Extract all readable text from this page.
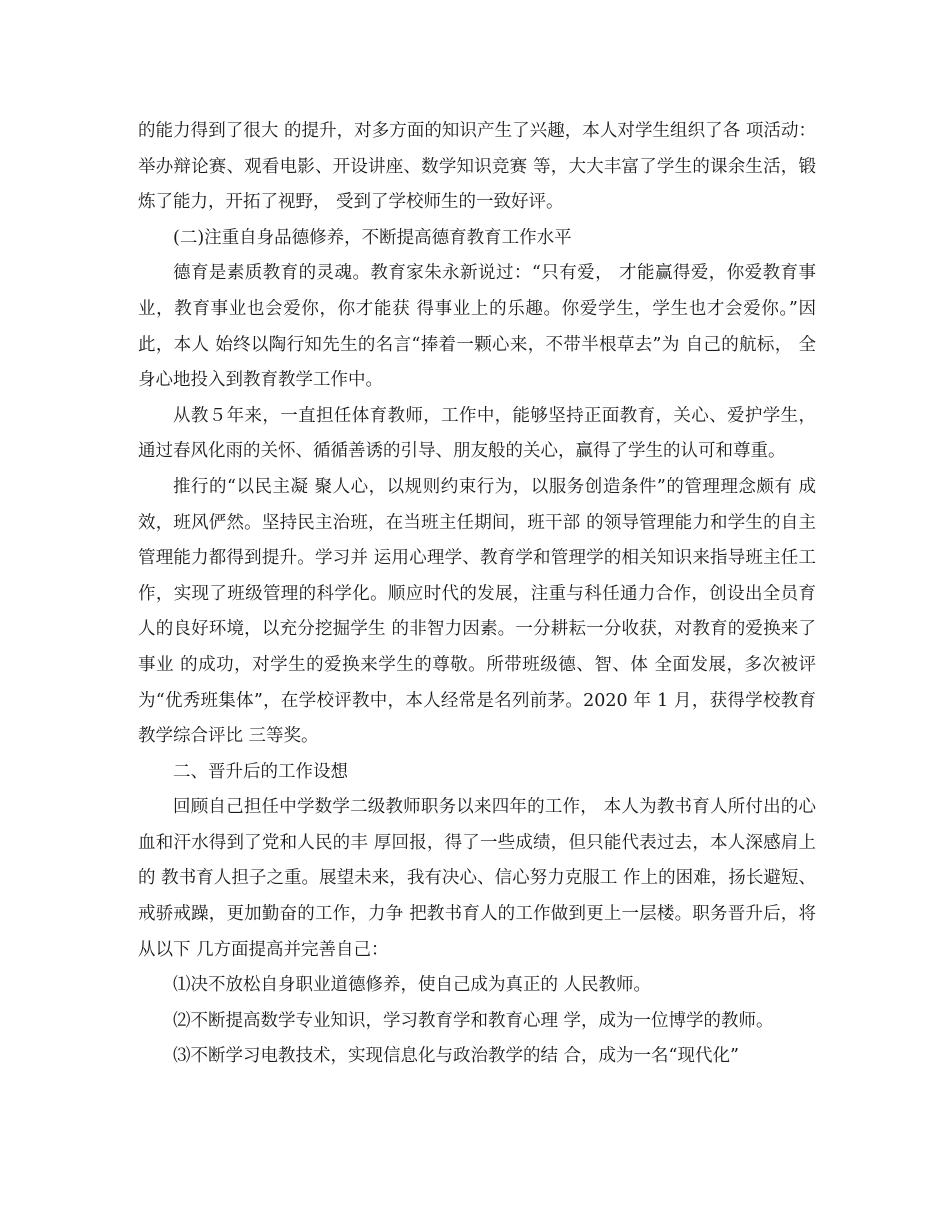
的能力得到了很大 的提升，对多方面的知识产生了兴趣，本人对学生组织了各 项活动：举办辩论赛、观看电影、开设讲座、数学知识竞赛 等，大大丰富了学生的课余生活，锻炼了能力，开拓了视野， 受到了学校师生的一致好评。

(二)注重自身品德修养，不断提高德育教育工作水平

德育是素质教育的灵魂。教育家朱永新说过：“只有爱， 才能赢得爱，你爱教育事业，教育事业也会爱你，你才能获 得事业上的乐趣。你爱学生，学生也才会爱你。”因此，本人 始终以陶行知先生的名言“捧着一颗心来，不带半根草去”为 自己的航标， 全身心地投入到教育教学工作中。

从教５年来，一直担任体育教师，工作中，能够坚持正面教育，关心、爱护学生，通过春风化雨的关怀、循循善诱的引导、朋友般的关心，赢得了学生的认可和尊重。

推行的“以民主凝 聚人心，以规则约束行为，以服务创造条件”的管理理念颇有 成效，班风俨然。坚持民主治班，在当班主任期间，班干部 的领导管理能力和学生的自主管理能力都得到提升。学习并 运用心理学、教育学和管理学的相关知识来指导班主任工 作，实现了班级管理的科学化。顺应时代的发展，注重与科任通力合作，创设出全员育人的良好环境，以充分挖掘学生 的非智力因素。一分耕耘一分收获，对教育的爱换来了事业 的成功，对学生的爱换来学生的尊敬。所带班级德、智、体 全面发展，多次被评为“优秀班集体”，在学校评教中，本人经常是名列前茅。2020 年 1 月，获得学校教育教学综合评比 三等奖。

二、晋升后的工作设想

回顾自己担任中学数学二级教师职务以来四年的工作， 本人为教书育人所付出的心血和汗水得到了党和人民的丰 厚回报，得了一些成绩，但只能代表过去，本人深感肩上的 教书育人担子之重。展望未来，我有决心、信心努力克服工 作上的困难，扬长避短、戒骄戒躁，更加勤奋的工作，力争 把教书育人的工作做到更上一层楼。职务晋升后，将从以下 几方面提高并完善自己：

⑴决不放松自身职业道德修养，使自己成为真正的 人民教师。

⑵不断提高数学专业知识，学习教育学和教育心理 学，成为一位博学的教师。

⑶不断学习电教技术，实现信息化与政治教学的结 合，成为一名“现代化”
